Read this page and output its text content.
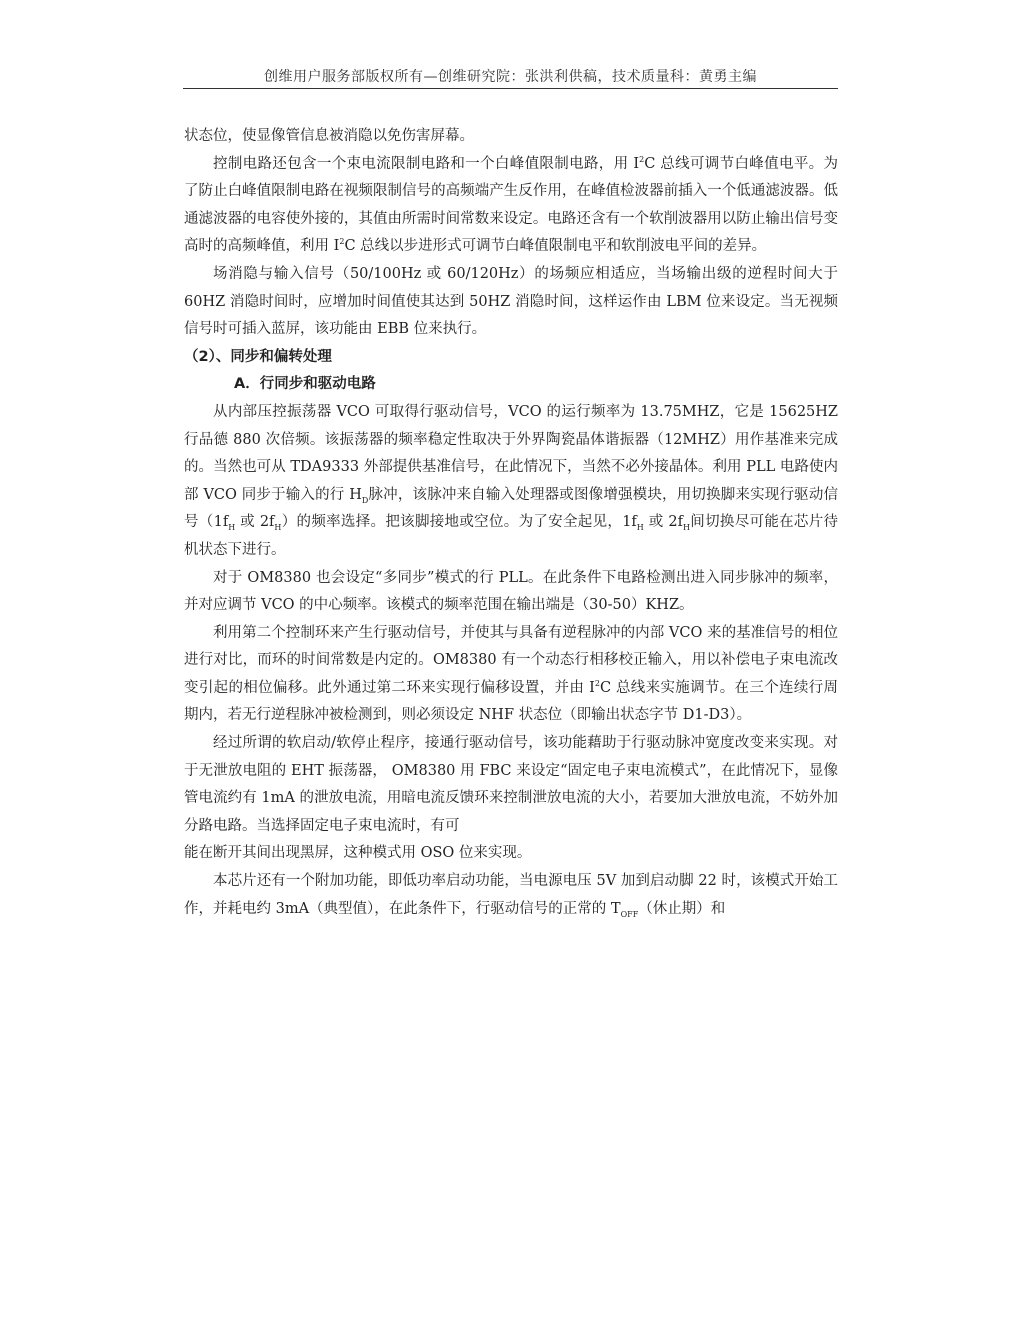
创维用户服务部版权所有—创维研究院：张洪利供稿，技术质量科：黄勇主编

状态位，使显像管信息被消隐以免伤害屏幕。

控制电路还包含一个束电流限制电路和一个白峰值限制电路，用 $I^2C$ 总线可调节白峰值电平。为了防止白峰值限制电路在视频限制信号的高频端产生反作用，在峰值检波器前插入一个低通滤波器。低通滤波器的电容使外接的，其值由所需时间常数来设定。电路还含有一个软削波器用以防止输出信号变高时的高频峰值，利用 $I^2C$ 总线以步进形式可调节白峰值限制电平和软削波电平间的差异。

场消隐与输入信号（50/100Hz 或 60/120Hz）的场频应相适应，当场输出级的逆程时间大于 60HZ 消隐时间时，应增加时间值使其达到 50HZ 消隐时间，这样运作由 LBM 位来设定。当无视频信号时可插入蓝屏，该功能由 EBB 位来执行。

（2）、同步和偏转处理

A．行同步和驱动电路

从内部压控振荡器 VCO 可取得行驱动信号，VCO 的运行频率为 13.75MHZ，它是 15625HZ 行品德 880 次倍频。该振荡器的频率稳定性取决于外界陶瓷晶体谐振器（12MHZ）用作基准来完成的。当然也可从 TDA9333 外部提供基准信号，在此情况下，当然不必外接晶体。利用 PLL 电路使内部 VCO 同步于输入的行 $H_D$脉冲，该脉冲来自输入处理器或图像增强模块，用切换脚来实现行驱动信号（$1f_H$ 或 $2f_H$）的频率选择。把该脚接地或空位。为了安全起见，$1f_H$ 或 $2f_H$间切换尽可能在芯片待机状态下进行。

对于 OM8380 也会设定“多同步”模式的行 PLL。在此条件下电路检测出进入同步脉冲的频率，并对应调节 VCO 的中心频率。该模式的频率范围在输出端是（30-50）KHZ。

利用第二个控制环来产生行驱动信号，并使其与具备有逆程脉冲的内部 VCO 来的基准信号的相位进行对比，而环的时间常数是内定的。OM8380 有一个动态行相移校正输入，用以补偿电子束电流改变引起的相位偏移。此外通过第二环来实现行偏移设置，并由 $I^2C$ 总线来实施调节。在三个连续行周期内，若无行逆程脉冲被检测到，则必须设定 NHF 状态位（即输出状态字节 D1-D3）。

经过所谓的软启动/软停止程序，接通行驱动信号，该功能藉助于行驱动脉冲宽度改变来实现。对于无泄放电阻的 EHT 振荡器， OM8380 用 FBC 来设定“固定电子束电流模式”，在此情况下，显像管电流约有 1mA 的泄放电流，用暗电流反馈环来控制泄放电流的大小，若要加大泄放电流，不妨外加分路电路。当选择固定电子束电流时，有可

能在断开其间出现黑屏，这种模式用 OSO 位来实现。

本芯片还有一个附加功能，即低功率启动功能，当电源电压 5V 加到启动脚 22 时，该模式开始工作，并耗电约 3mA（典型值），在此条件下，行驱动信号的正常的 $T_{OFF}$（休止期）和
